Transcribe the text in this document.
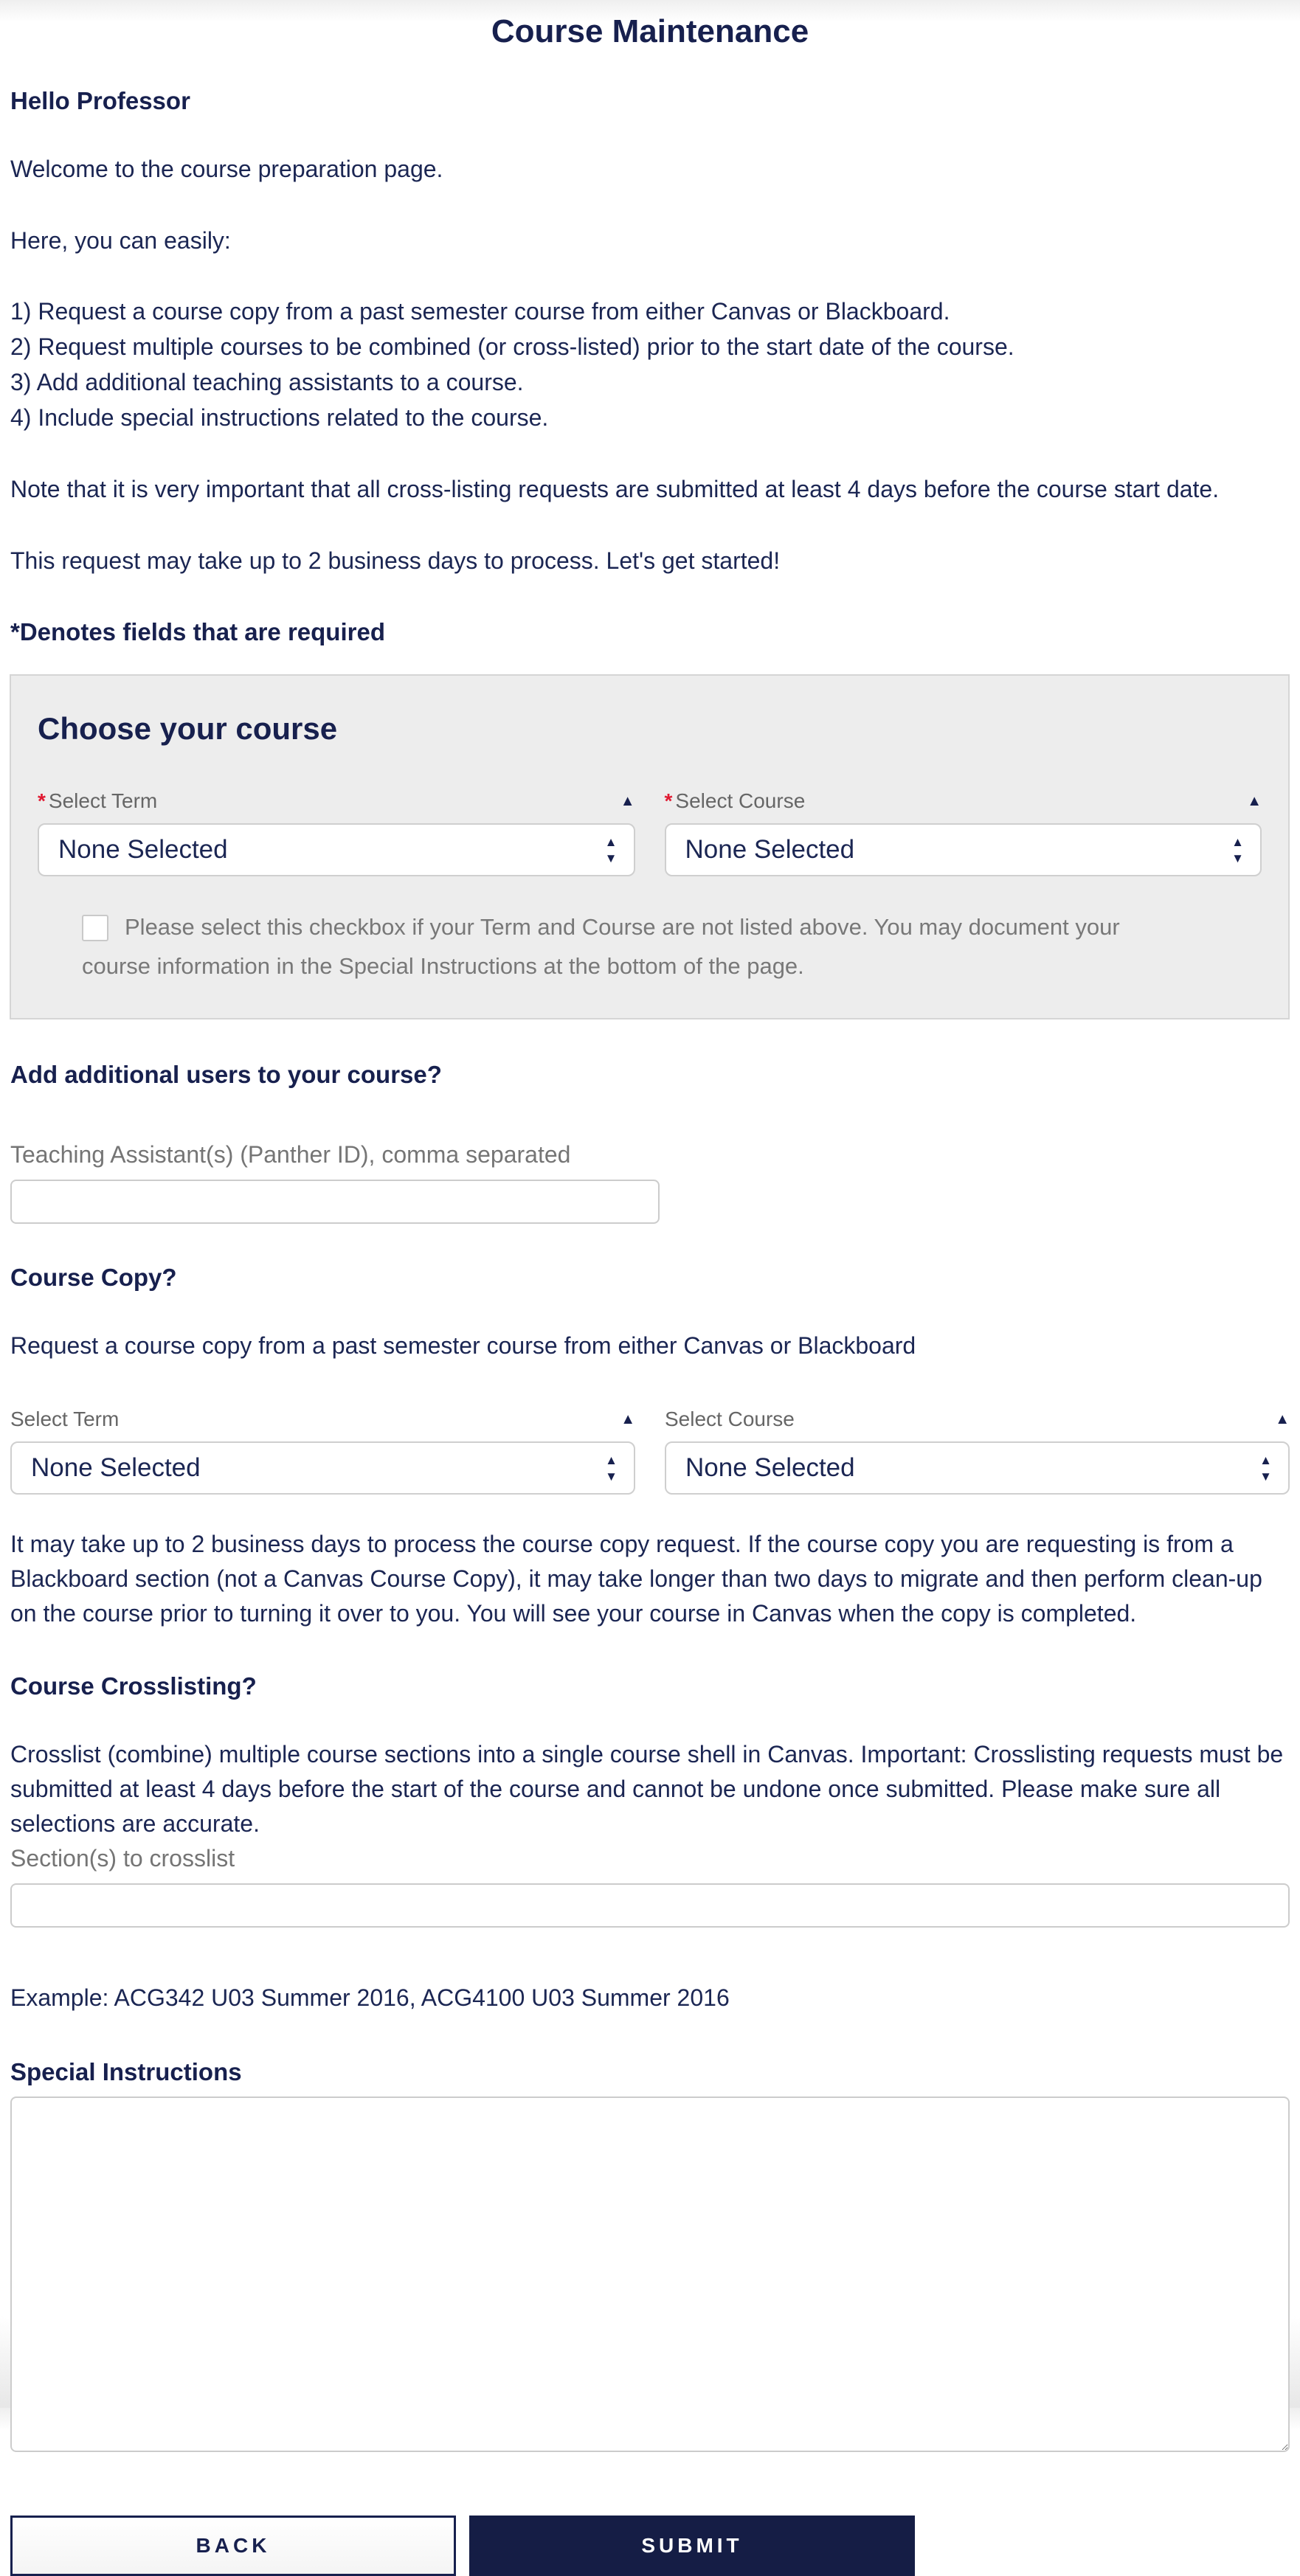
Course Maintenance
Hello Professor

Welcome to the course preparation page.

Here, you can easily:

1) Request a course copy from a past semester course from either Canvas or Blackboard.
2) Request multiple courses to be combined (or cross-listed) prior to the start date of the course.
3) Add additional teaching assistants to a course.
4) Include special instructions related to the course.

Note that it is very important that all cross-listing requests are submitted at least 4 days before the course start date.

This request may take up to 2 business days to process. Let's get started!

*Denotes fields that are required
Choose your course
* Select Term	▲
None Selected	▲
▼
* Select Course	▲
None Selected	▲
▼
Please select this checkbox if your Term and Course are not listed above. You may document your course information in the Special Instructions at the bottom of the page.
Add additional users to your course?
Teaching Assistant(s) (Panther ID), comma separated
Course Copy?

Request a course copy from a past semester course from either Canvas or Blackboard

Select Term	▲
None Selected	▲
▼
Select Course	▲
None Selected	▲
▼

It may take up to 2 business days to process the course copy request. If the course copy you are requesting is from a Blackboard section (not a Canvas Course Copy), it may take longer than two days to migrate and then perform clean-up on the course prior to turning it over to you. You will see your course in Canvas when the copy is completed.

Course Crosslisting?

Crosslist (combine) multiple course sections into a single course shell in Canvas. Important: Crosslisting requests must be submitted at least 4 days before the start of the course and cannot be undone once submitted. Please make sure all selections are accurate.

Section(s) to crosslist

Example: ACG342 U03 Summer 2016, ACG4100 U03 Summer 2016

Special Instructions
BACK	SUBMIT
